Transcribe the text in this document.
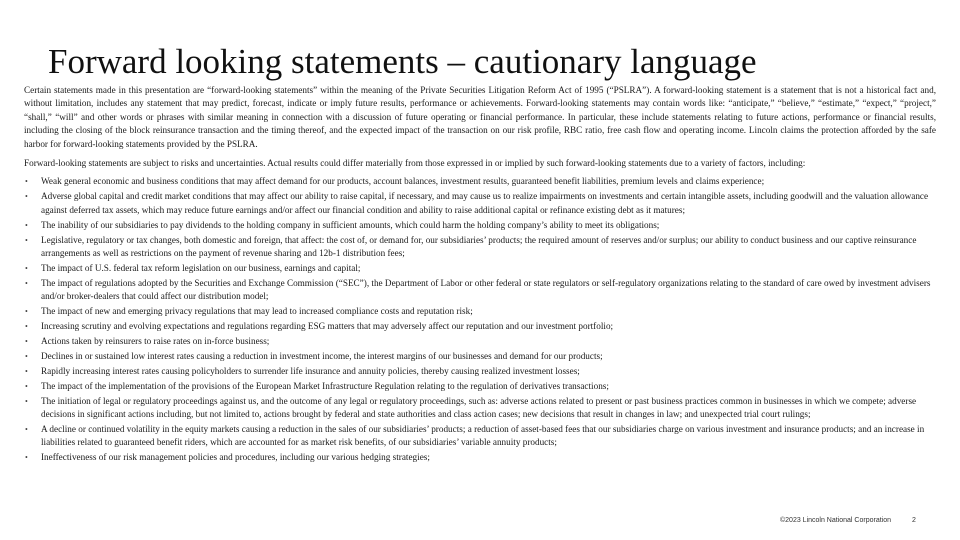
Forward looking statements – cautionary language

Certain statements made in this presentation are “forward-looking statements” within the meaning of the Private Securities Litigation Reform Act of 1995 (“PSLRA”). A forward-looking statement is a statement that is not a historical fact and, without limitation, includes any statement that may predict, forecast, indicate or imply future results, performance or achievements. Forward-looking statements may contain words like: “anticipate,” “believe,” “estimate,” “expect,” “project,” “shall,” “will” and other words or phrases with similar meaning in connection with a discussion of future operating or financial performance. In particular, these include statements relating to future actions, performance or financial results, including the closing of the block reinsurance transaction and the timing thereof, and the expected impact of the transaction on our risk profile, RBC ratio, free cash flow and operating income. Lincoln claims the protection afforded by the safe harbor for forward-looking statements provided by the PSLRA.

Forward-looking statements are subject to risks and uncertainties. Actual results could differ materially from those expressed in or implied by such forward-looking statements due to a variety of factors, including:

• Weak general economic and business conditions that may affect demand for our products, account balances, investment results, guaranteed benefit liabilities, premium levels and claims experience;
• Adverse global capital and credit market conditions that may affect our ability to raise capital, if necessary, and may cause us to realize impairments on investments and certain intangible assets, including goodwill and the valuation allowance against deferred tax assets, which may reduce future earnings and/or affect our financial condition and ability to raise additional capital or refinance existing debt as it matures;
• The inability of our subsidiaries to pay dividends to the holding company in sufficient amounts, which could harm the holding company’s ability to meet its obligations;
• Legislative, regulatory or tax changes, both domestic and foreign, that affect: the cost of, or demand for, our subsidiaries’ products; the required amount of reserves and/or surplus; our ability to conduct business and our captive reinsurance arrangements as well as restrictions on the payment of revenue sharing and 12b-1 distribution fees;
• The impact of U.S. federal tax reform legislation on our business, earnings and capital;
• The impact of regulations adopted by the Securities and Exchange Commission (“SEC”), the Department of Labor or other federal or state regulators or self-regulatory organizations relating to the standard of care owed by investment advisers and/or broker-dealers that could affect our distribution model;
• The impact of new and emerging privacy regulations that may lead to increased compliance costs and reputation risk;
• Increasing scrutiny and evolving expectations and regulations regarding ESG matters that may adversely affect our reputation and our investment portfolio;
• Actions taken by reinsurers to raise rates on in-force business;
• Declines in or sustained low interest rates causing a reduction in investment income, the interest margins of our businesses and demand for our products;
• Rapidly increasing interest rates causing policyholders to surrender life insurance and annuity policies, thereby causing realized investment losses;
• The impact of the implementation of the provisions of the European Market Infrastructure Regulation relating to the regulation of derivatives transactions;
• The initiation of legal or regulatory proceedings against us, and the outcome of any legal or regulatory proceedings, such as: adverse actions related to present or past business practices common in businesses in which we compete; adverse decisions in significant actions including, but not limited to, actions brought by federal and state authorities and class action cases; new decisions that result in changes in law; and unexpected trial court rulings;
• A decline or continued volatility in the equity markets causing a reduction in the sales of our subsidiaries’ products; a reduction of asset-based fees that our subsidiaries charge on various investment and insurance products; and an increase in liabilities related to guaranteed benefit riders, which are accounted for as market risk benefits, of our subsidiaries’ variable annuity products;
• Ineffectiveness of our risk management policies and procedures, including our various hedging strategies;
©2023 Lincoln National Corporation	2
